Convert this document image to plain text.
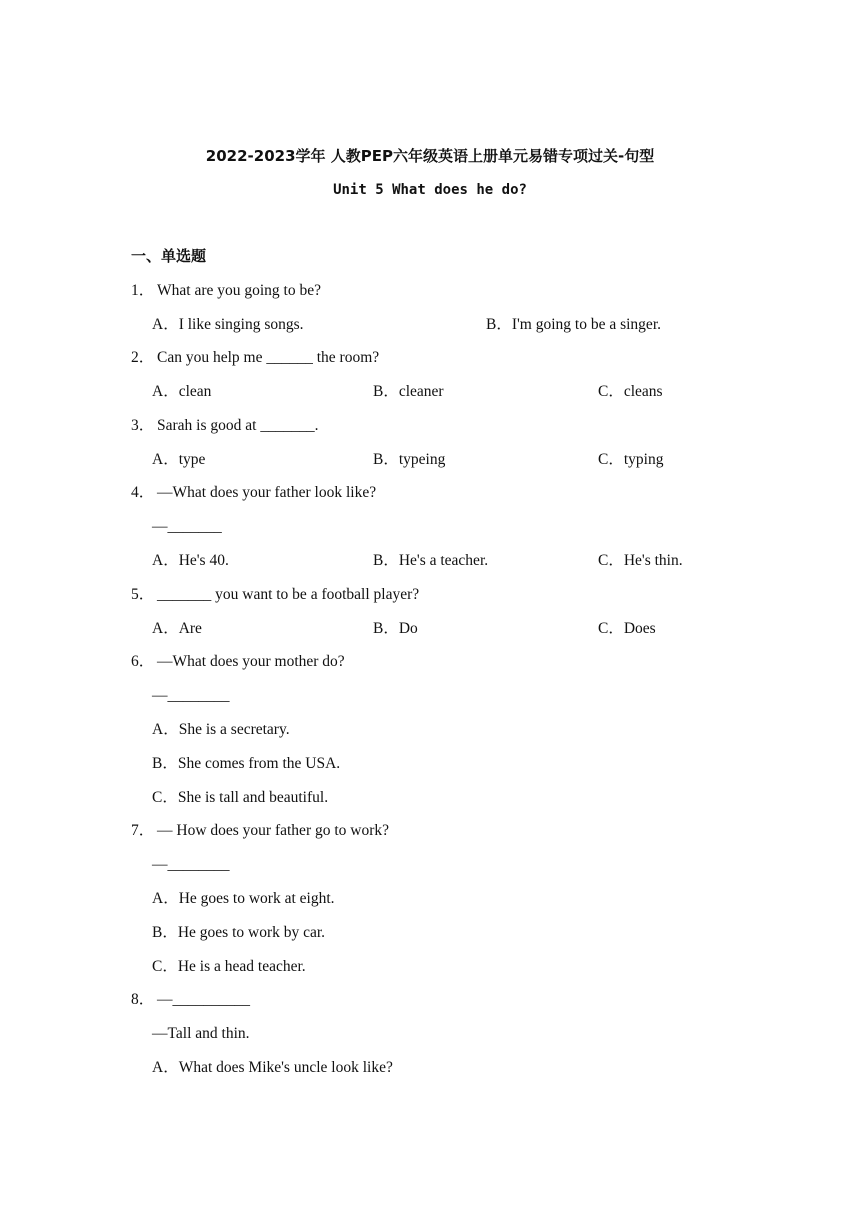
2022-2023学年 人教PEP六年级英语上册单元易错专项过关-句型
Unit 5 What does he do?
一、单选题
1． What are you going to be?
A．I like singing songs.	B．I'm going to be a singer.
2． Can you help me ______ the room?
A．clean	B．cleaner	C．cleans
3． Sarah is good at _______.
A．type	B．typeing	C．typing
4． —What does your father look like?
—_______
A．He's 40.	B．He's a teacher.	C．He's thin.
5． _______ you want to be a football player?
A．Are	B．Do	C．Does
6． —What does your mother do?
—________
A．She is a secretary.
B．She comes from the USA.
C．She is tall and beautiful.
7． — How does your father go to work?
—________
A．He goes to work at eight.
B．He goes to work by car.
C．He is a head teacher.
8． —__________
—Tall and thin.
A．What does Mike's uncle look like?
